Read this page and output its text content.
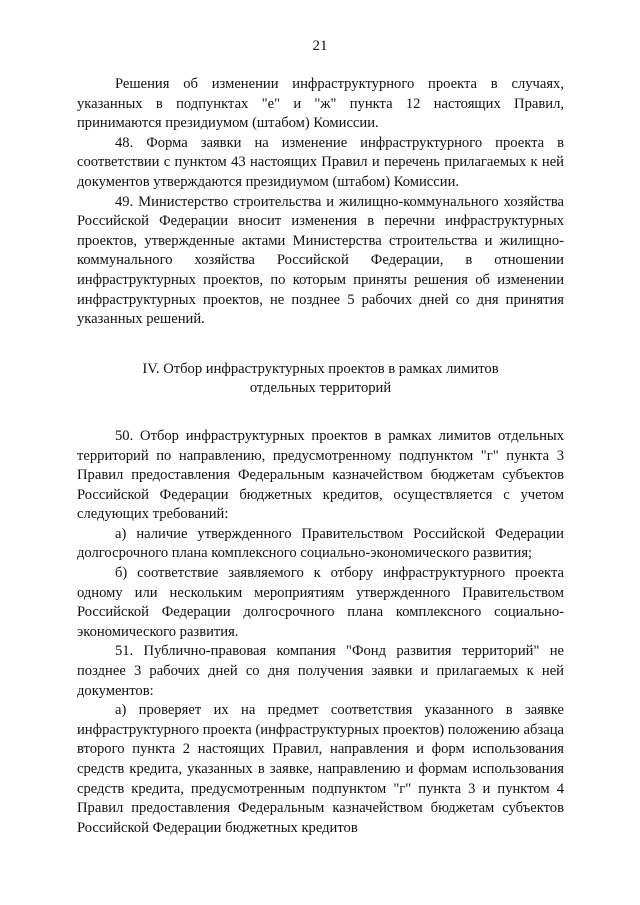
21

Решения об изменении инфраструктурного проекта в случаях, указанных в подпунктах "е" и "ж" пункта 12 настоящих Правил, принимаются президиумом (штабом) Комиссии.

48. Форма заявки на изменение инфраструктурного проекта в соответствии с пунктом 43 настоящих Правил и перечень прилагаемых к ней документов утверждаются президиумом (штабом) Комиссии.

49. Министерство строительства и жилищно-коммунального хозяйства Российской Федерации вносит изменения в перечни инфраструктурных проектов, утвержденные актами Министерства строительства и жилищно-коммунального хозяйства Российской Федерации, в отношении инфраструктурных проектов, по которым приняты решения об изменении инфраструктурных проектов, не позднее 5 рабочих дней со дня принятия указанных решений.

IV. Отбор инфраструктурных проектов в рамках лимитов
отдельных территорий

50. Отбор инфраструктурных проектов в рамках лимитов отдельных территорий по направлению, предусмотренному подпунктом "г" пункта 3 Правил предоставления Федеральным казначейством бюджетам субъектов Российской Федерации бюджетных кредитов, осуществляется с учетом следующих требований:

а) наличие утвержденного Правительством Российской Федерации долгосрочного плана комплексного социально-экономического развития;

б) соответствие заявляемого к отбору инфраструктурного проекта одному или нескольким мероприятиям утвержденного Правительством Российской Федерации долгосрочного плана комплексного социально-экономического развития.

51. Публично-правовая компания "Фонд развития территорий" не позднее 3 рабочих дней со дня получения заявки и прилагаемых к ней документов:

а) проверяет их на предмет соответствия указанного в заявке инфраструктурного проекта (инфраструктурных проектов) положению абзаца второго пункта 2 настоящих Правил, направления и форм использования средств кредита, указанных в заявке, направлению и формам использования средств кредита, предусмотренным подпунктом "г" пункта 3 и пунктом 4 Правил предоставления Федеральным казначейством бюджетам субъектов Российской Федерации бюджетных кредитов
